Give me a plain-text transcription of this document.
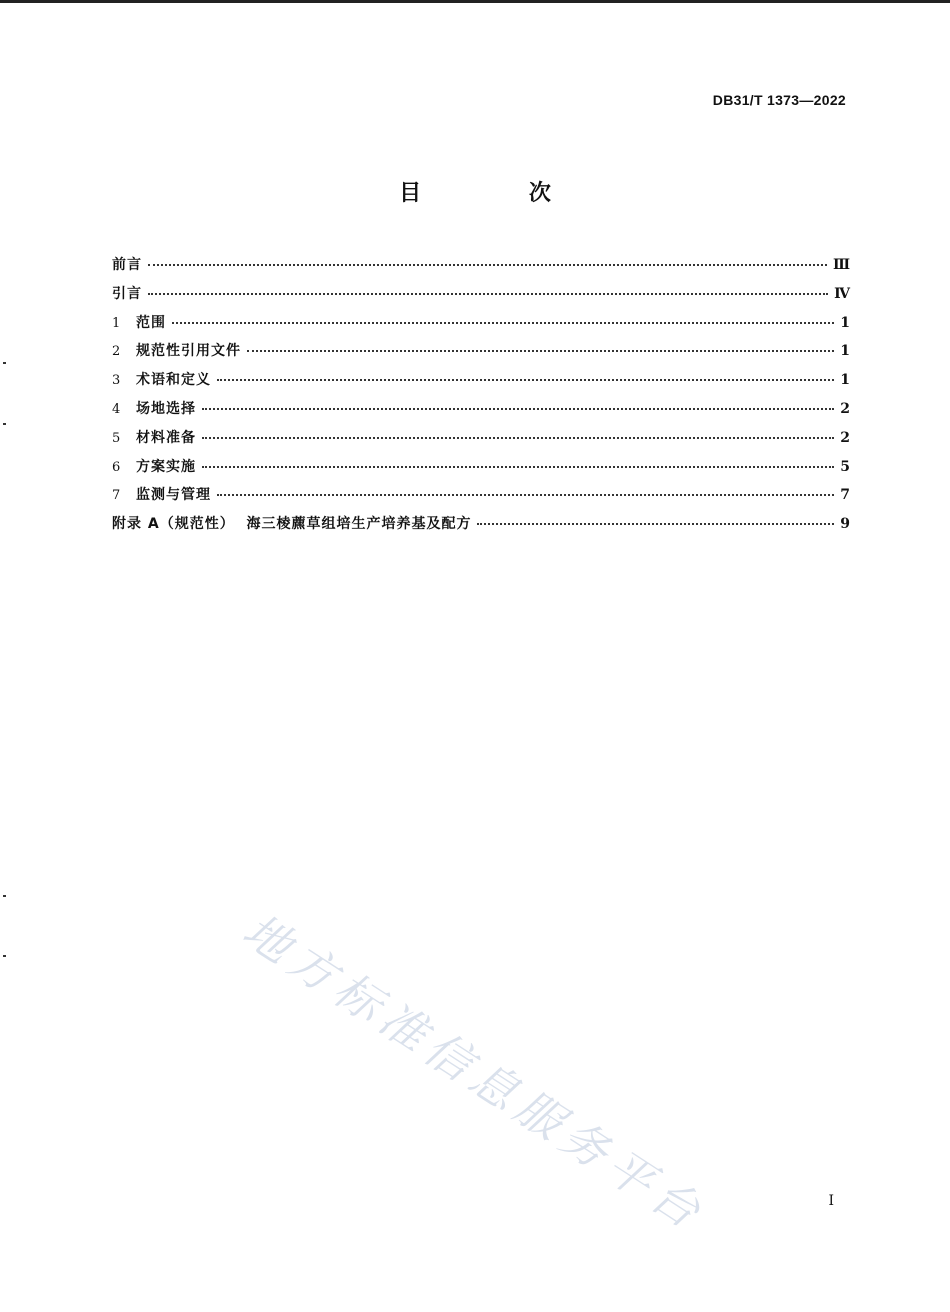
DB31/T 1373—2022
目 次
前言	Ⅲ
引言	Ⅳ
1	范围	1
2	规范性引用文件	1
3	术语和定义	1
4	场地选择	2
5	材料准备	2
6	方案实施	5
7	监测与管理	7
附录 A（规范性）  海三棱藨草组培生产培养基及配方	9
地方标准信息服务平台	I
